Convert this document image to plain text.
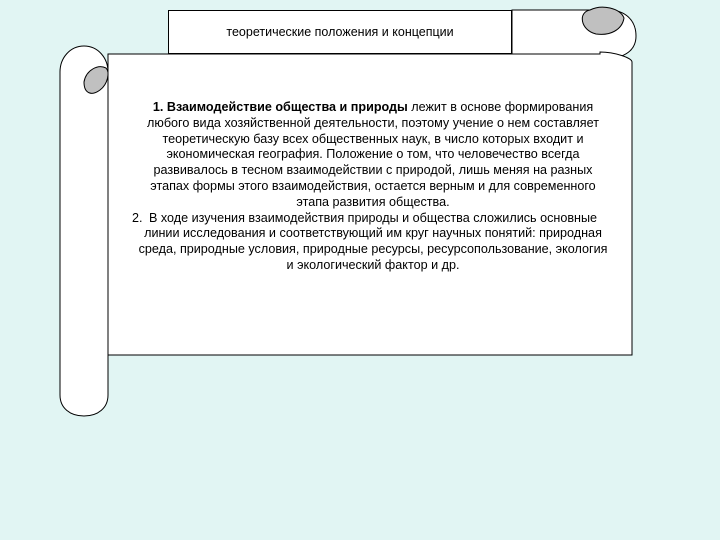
теоретические положения и концепции

1. Взаимодействие общества и природы лежит в основе формирования любого вида хозяйственной деятельности, поэтому учение о нем составляет теоретическую базу всех общественных наук, в число которых входит и экономическая география. Положение о том, что человечество всегда развивалось в тесном взаимодействии с природой, лишь меняя на разных этапах формы этого взаимодействия, остается верным и для современного этапа развития общества.

2. В ходе изучения взаимодействия природы и общества сложились основные линии исследования и соответствующий им круг научных понятий: природная среда, природные условия, природные ресурсы, ресурсопользование, экология и экологический фактор и др.
